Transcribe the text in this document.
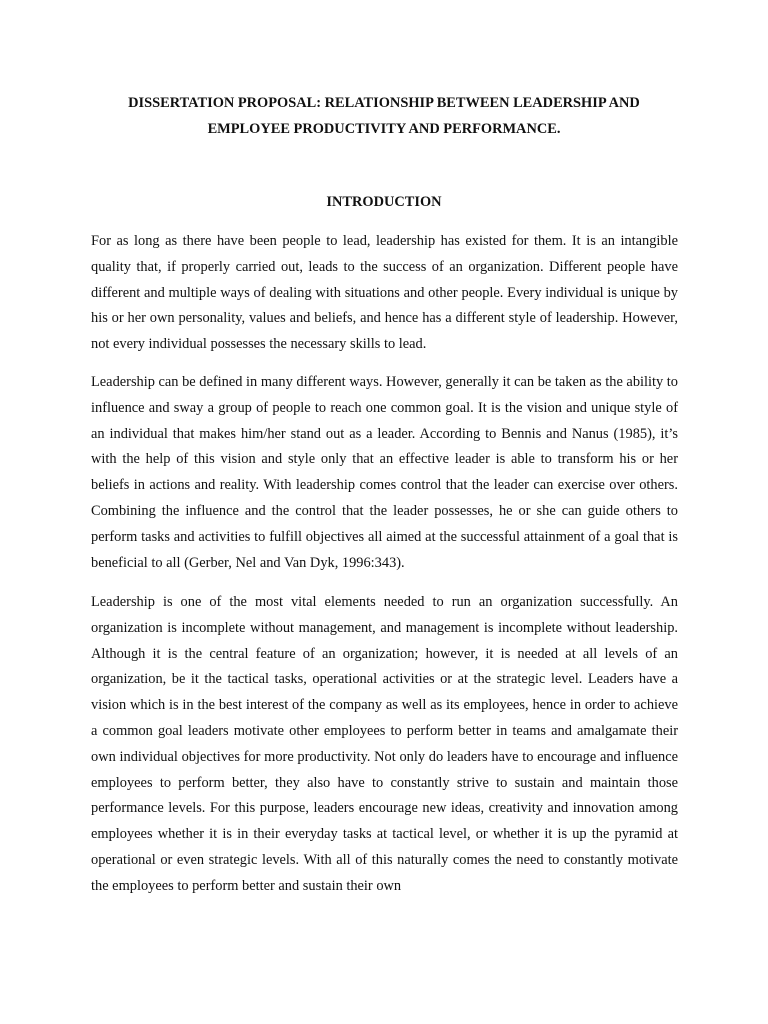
DISSERTATION PROPOSAL: RELATIONSHIP BETWEEN LEADERSHIP AND

EMPLOYEE PRODUCTIVITY AND PERFORMANCE.

INTRODUCTION

For as long as there have been people to lead, leadership has existed for them. It is an intangible quality that, if properly carried out, leads to the success of an organization. Different people have different and multiple ways of dealing with situations and other people. Every individual is unique by his or her own personality, values and beliefs, and hence has a different style of leadership. However, not every individual possesses the necessary skills to lead.

Leadership can be defined in many different ways. However, generally it can be taken as the ability to influence and sway a group of people to reach one common goal. It is the vision and unique style of an individual that makes him/her stand out as a leader. According to Bennis and Nanus (1985), it’s with the help of this vision and style only that an effective leader is able to transform his or her beliefs in actions and reality. With leadership comes control that the leader can exercise over others. Combining the influence and the control that the leader possesses, he or she can guide others to perform tasks and activities to fulfill objectives all aimed at the successful attainment of a goal that is beneficial to all (Gerber, Nel and Van Dyk, 1996:343).

Leadership is one of the most vital elements needed to run an organization successfully. An organization is incomplete without management, and management is incomplete without leadership. Although it is the central feature of an organization; however, it is needed at all levels of an organization, be it the tactical tasks, operational activities or at the strategic level. Leaders have a vision which is in the best interest of the company as well as its employees, hence in order to achieve a common goal leaders motivate other employees to perform better in teams and amalgamate their own individual objectives for more productivity. Not only do leaders have to encourage and influence employees to perform better, they also have to constantly strive to sustain and maintain those performance levels. For this purpose, leaders encourage new ideas, creativity and innovation among employees whether it is in their everyday tasks at tactical level, or whether it is up the pyramid at operational or even strategic levels. With all of this naturally comes the need to constantly motivate the employees to perform better and sustain their own
